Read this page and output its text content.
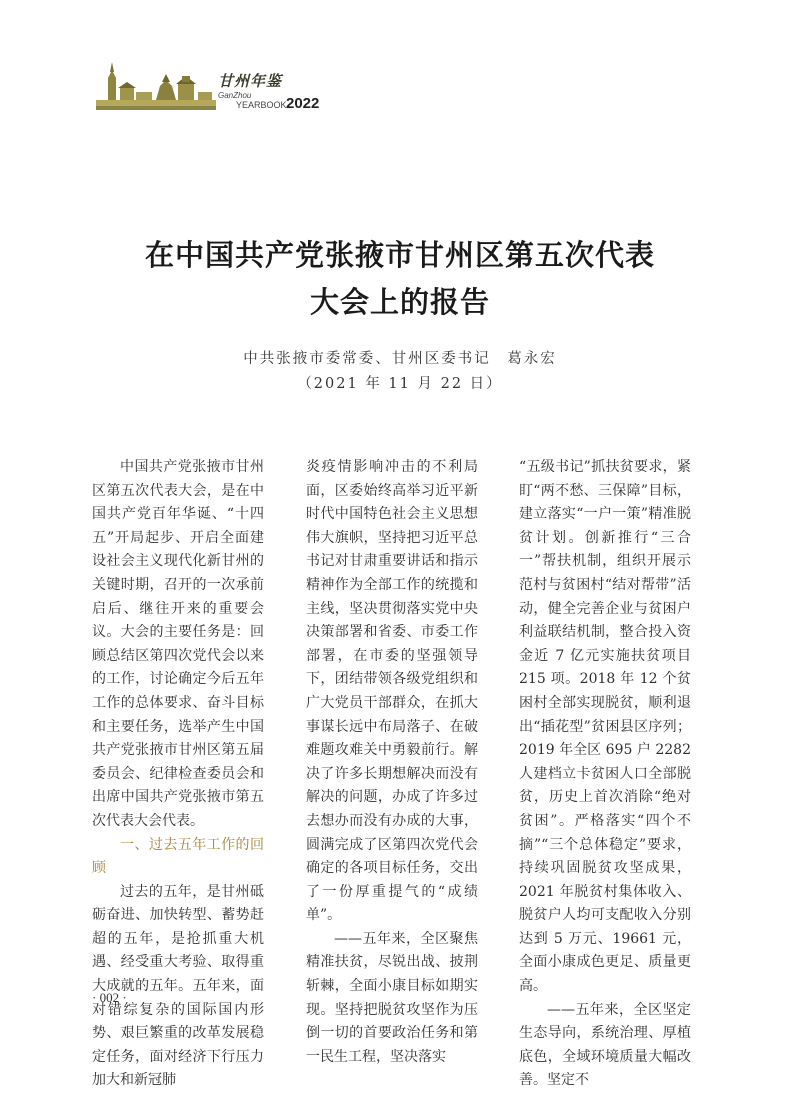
甘州年鉴
GanZhou
YEARBOOK 2022
在中国共产党张掖市甘州区第五次代表
大会上的报告
中共张掖市委常委、甘州区委书记　葛永宏
（2021 年 11 月 22 日）

中国共产党张掖市甘州区第五次代表大会，是在中国共产党百年华诞、“十四五”开局起步、开启全面建设社会主义现代化新甘州的关键时期，召开的一次承前启后、继往开来的重要会议。大会的主要任务是：回顾总结区第四次党代会以来的工作，讨论确定今后五年工作的总体要求、奋斗目标和主要任务，选举产生中国共产党张掖市甘州区第五届委员会、纪律检查委员会和出席中国共产党张掖市第五次代表大会代表。

一、过去五年工作的回顾

过去的五年，是甘州砥砺奋进、加快转型、蓄势赶超的五年，是抢抓重大机遇、经受重大考验、取得重大成就的五年。五年来，面对错综复杂的国际国内形势、艰巨繁重的改革发展稳定任务，面对经济下行压力加大和新冠肺

炎疫情影响冲击的不利局面，区委始终高举习近平新时代中国特色社会主义思想伟大旗帜，坚持把习近平总书记对甘肃重要讲话和指示精神作为全部工作的统揽和主线，坚决贯彻落实党中央决策部署和省委、市委工作部署，在市委的坚强领导下，团结带领各级党组织和广大党员干部群众，在抓大事谋长远中布局落子、在破难题攻难关中勇毅前行。解决了许多长期想解决而没有解决的问题，办成了许多过去想办而没有办成的大事，圆满完成了区第四次党代会确定的各项目标任务，交出了一份厚重提气的“成绩单”。

——五年来，全区聚焦精准扶贫，尽锐出战、披荆斩棘，全面小康目标如期实现。坚持把脱贫攻坚作为压倒一切的首要政治任务和第一民生工程，坚决落实

“五级书记”抓扶贫要求，紧盯“两不愁、三保障”目标，建立落实“一户一策”精准脱贫计划。创新推行“三合一”帮扶机制，组织开展示范村与贫困村“结对帮带”活动，健全完善企业与贫困户利益联结机制，整合投入资金近 7 亿元实施扶贫项目 215 项。2018 年 12 个贫困村全部实现脱贫，顺利退出“插花型”贫困县区序列；2019 年全区 695 户 2282 人建档立卡贫困人口全部脱贫，历史上首次消除“绝对贫困”。严格落实“四个不摘”“三个总体稳定”要求，持续巩固脱贫攻坚成果，2021 年脱贫村集体收入、脱贫户人均可支配收入分别达到 5 万元、19661 元，全面小康成色更足、质量更高。

——五年来，全区坚定生态导向，系统治理、厚植底色，全域环境质量大幅改善。坚定不

· 002 ·
